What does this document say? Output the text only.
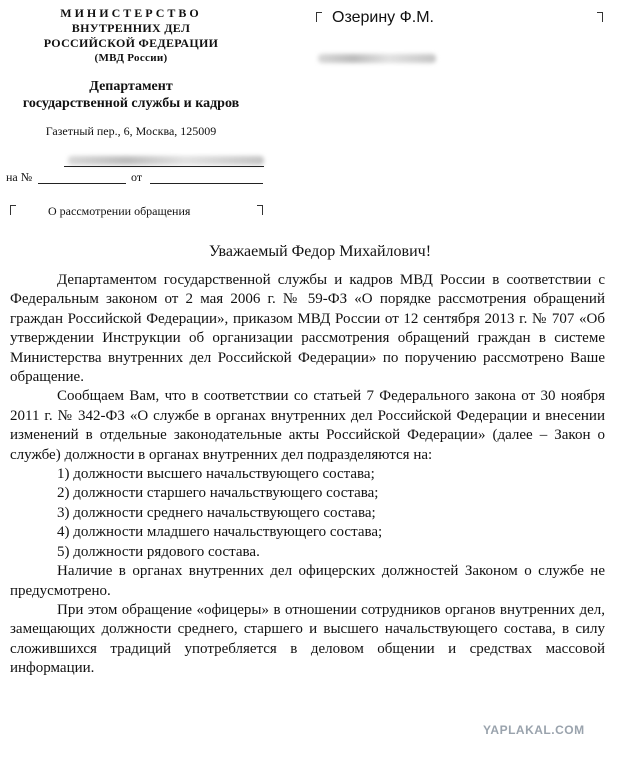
МИНИСТЕРСТВО
ВНУТРЕННИХ ДЕЛ
РОССИЙСКОЙ ФЕДЕРАЦИИ
(МВД России)
Департамент
государственной службы и кадров
Газетный пер., 6, Москва, 125009
на №	от
О рассмотрении обращения
Озерину Ф.М.
Уважаемый Федор Михайлович!

Департаментом государственной службы и кадров МВД России в соответствии с Федеральным законом от 2 мая 2006 г. № 59-ФЗ «О порядке рассмотрения обращений граждан Российской Федерации», приказом МВД России от 12 сентября 2013 г. № 707 «Об утверждении Инструкции об организации рассмотрения обращений граждан в системе Министерства внутренних дел Российской Федерации» по поручению рассмотрено Ваше обращение.

Сообщаем Вам, что в соответствии со статьей 7 Федерального закона от 30 ноября 2011 г. № 342-ФЗ «О службе в органах внутренних дел Российской Федерации и внесении изменений в отдельные законодательные акты Российской Федерации» (далее – Закон о службе) должности в органах внутренних дел подразделяются на:

1) должности высшего начальствующего состава;
2) должности старшего начальствующего состава;
3) должности среднего начальствующего состава;
4) должности младшего начальствующего состава;
5) должности рядового состава.

Наличие в органах внутренних дел офицерских должностей Законом о службе не предусмотрено.

При этом обращение «офицеры» в отношении сотрудников органов внутренних дел, замещающих должности среднего, старшего и высшего начальствующего состава, в силу сложившихся традиций употребляется в деловом общении и средствах массовой информации.

YAPLAKAL.COM
